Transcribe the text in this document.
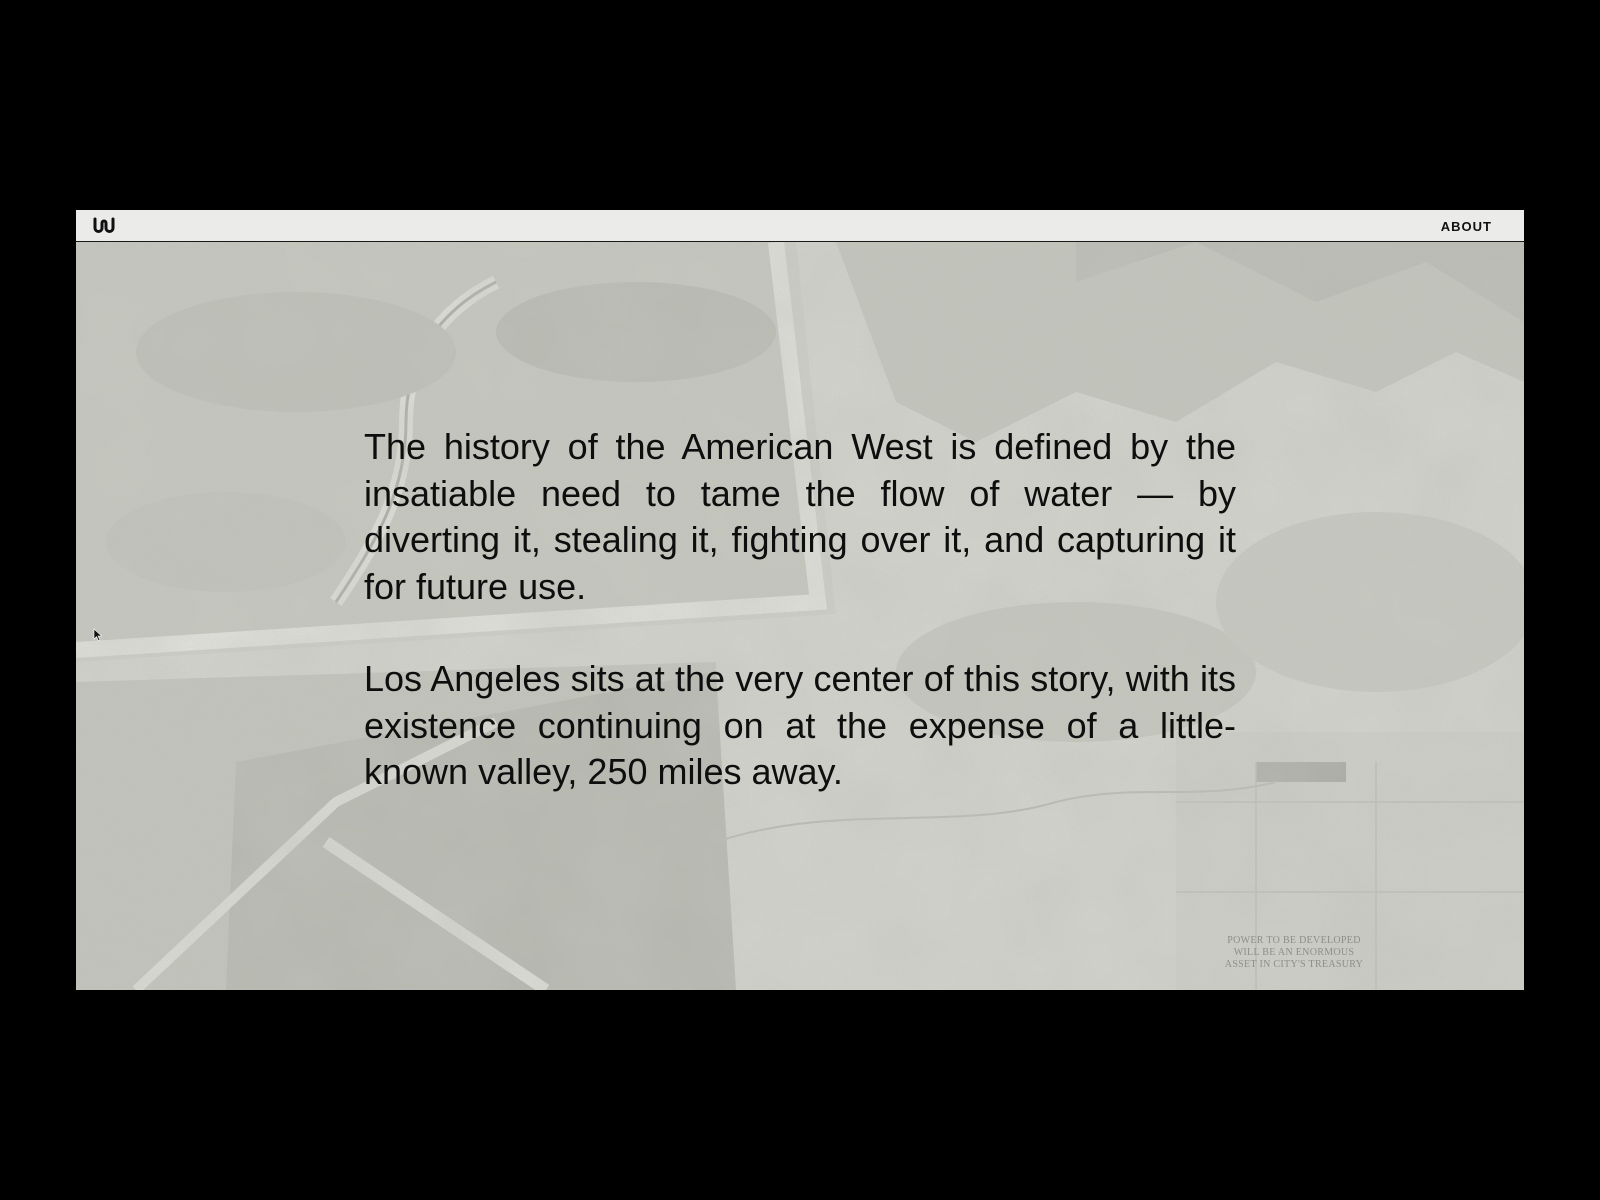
ABOUT
POWER TO BE DEVELOPED
WILL BE AN ENORMOUS
ASSET IN CITY'S TREASURY

The history of the American West is defined by the insatiable need to tame the flow of water — by diverting it, stealing it, fighting over it, and capturing it for future use.

Los Angeles sits at the very center of this story, with its existence continuing on at the expense of a little-known valley, 250 miles away.
